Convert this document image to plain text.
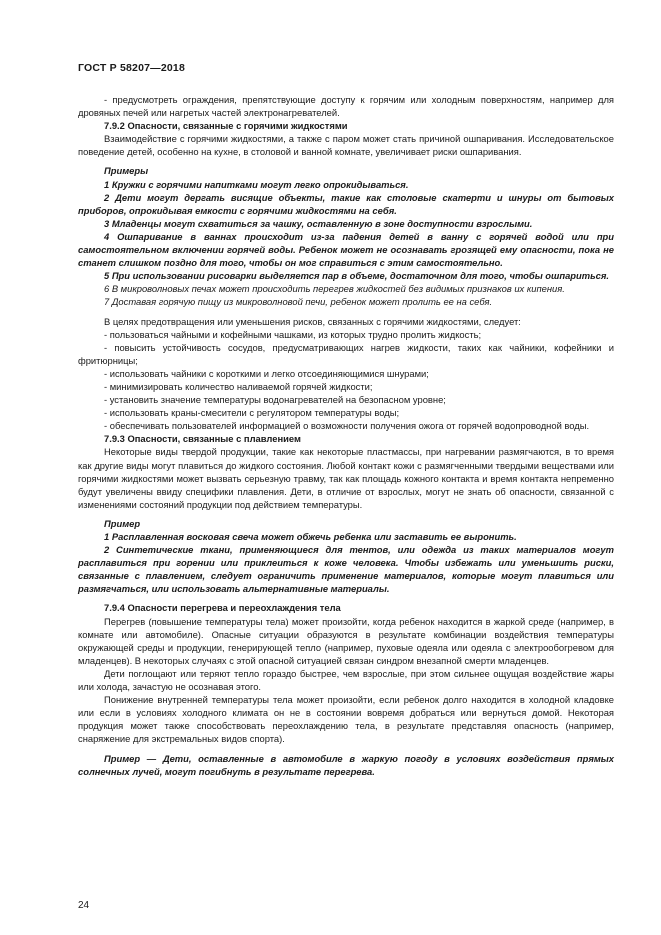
ГОСТ Р 58207—2018

- предусмотреть ограждения, препятствующие доступу к горячим или холодным поверхностям, например для дровяных печей или нагретых частей электронагревателей.

7.9.2 Опасности, связанные с горячими жидкостями

Взаимодействие с горячими жидкостями, а также с паром может стать причиной ошпаривания. Исследовательское поведение детей, особенно на кухне, в столовой и ванной комнате, увеличивает риски ошпаривания.

Примеры

1 Кружки с горячими напитками могут легко опрокидываться.

2 Дети могут дергать висящие объекты, такие как столовые скатерти и шнуры от бытовых приборов, опрокидывая емкости с горячими жидкостями на себя.

3 Младенцы могут схватиться за чашку, оставленную в зоне доступности взрослыми.

4 Ошпаривание в ваннах происходит из-за падения детей в ванну с горячей водой или при самостоятельном включении горячей воды. Ребенок может не осознавать грозящей ему опасности, пока не станет слишком поздно для того, чтобы он мог справиться с этим самостоятельно.

5 При использовании рисоварки выделяется пар в объеме, достаточном для того, чтобы ошпариться.

6 В микроволновых печах может происходить перегрев жидкостей без видимых признаков их кипения.

7 Доставая горячую пищу из микроволновой печи, ребенок может пролить ее на себя.

В целях предотвращения или уменьшения рисков, связанных с горячими жидкостями, следует:

- пользоваться чайными и кофейными чашками, из которых трудно пролить жидкость;

- повысить устойчивость сосудов, предусматривающих нагрев жидкости, таких как чайники, кофейники и фритюрницы;

- использовать чайники с короткими и легко отсоединяющимися шнурами;

- минимизировать количество наливаемой горячей жидкости;

- установить значение температуры водонагревателей на безопасном уровне;

- использовать краны-смесители с регулятором температуры воды;

- обеспечивать пользователей информацией о возможности получения ожога от горячей водопроводной воды.

7.9.3 Опасности, связанные с плавлением

Некоторые виды твердой продукции, такие как некоторые пластмассы, при нагревании размягчаются, в то время как другие виды могут плавиться до жидкого состояния. Любой контакт кожи с размягченными твердыми веществами или горячими жидкостями может вызвать серьезную травму, так как площадь кожного контакта и время контакта непременно будут увеличены ввиду специфики плавления. Дети, в отличие от взрослых, могут не знать об опасности, связанной с изменениями состояний продукции под действием температуры.

Пример

1 Расплавленная восковая свеча может обжечь ребенка или заставить ее выронить.

2 Синтетические ткани, применяющиеся для тентов, или одежда из таких материалов могут расплавиться при горении или приклеиться к коже человека. Чтобы избежать или уменьшить риски, связанные с плавлением, следует ограничить применение материалов, которые могут плавиться или размягчаться, или использовать альтернативные материалы.

7.9.4 Опасности перегрева и переохлаждения тела

Перегрев (повышение температуры тела) может произойти, когда ребенок находится в жаркой среде (например, в комнате или автомобиле). Опасные ситуации образуются в результате комбинации воздействия температуры окружающей среды и продукции, генерирующей тепло (например, пуховые одеяла или одеяла с электрообогревом для младенцев). В некоторых случаях с этой опасной ситуацией связан синдром внезапной смерти младенцев.

Дети поглощают или теряют тепло гораздо быстрее, чем взрослые, при этом сильнее ощущая воздействие жары или холода, зачастую не осознавая этого.

Понижение внутренней температуры тела может произойти, если ребенок долго находится в холодной кладовке или если в условиях холодного климата он не в состоянии вовремя добраться или вернуться домой. Некоторая продукция может также способствовать переохлаждению тела, в результате представляя опасность (например, снаряжение для экстремальных видов спорта).

Пример — Дети, оставленные в автомобиле в жаркую погоду в условиях воздействия прямых солнечных лучей, могут погибнуть в результате перегрева.

24
